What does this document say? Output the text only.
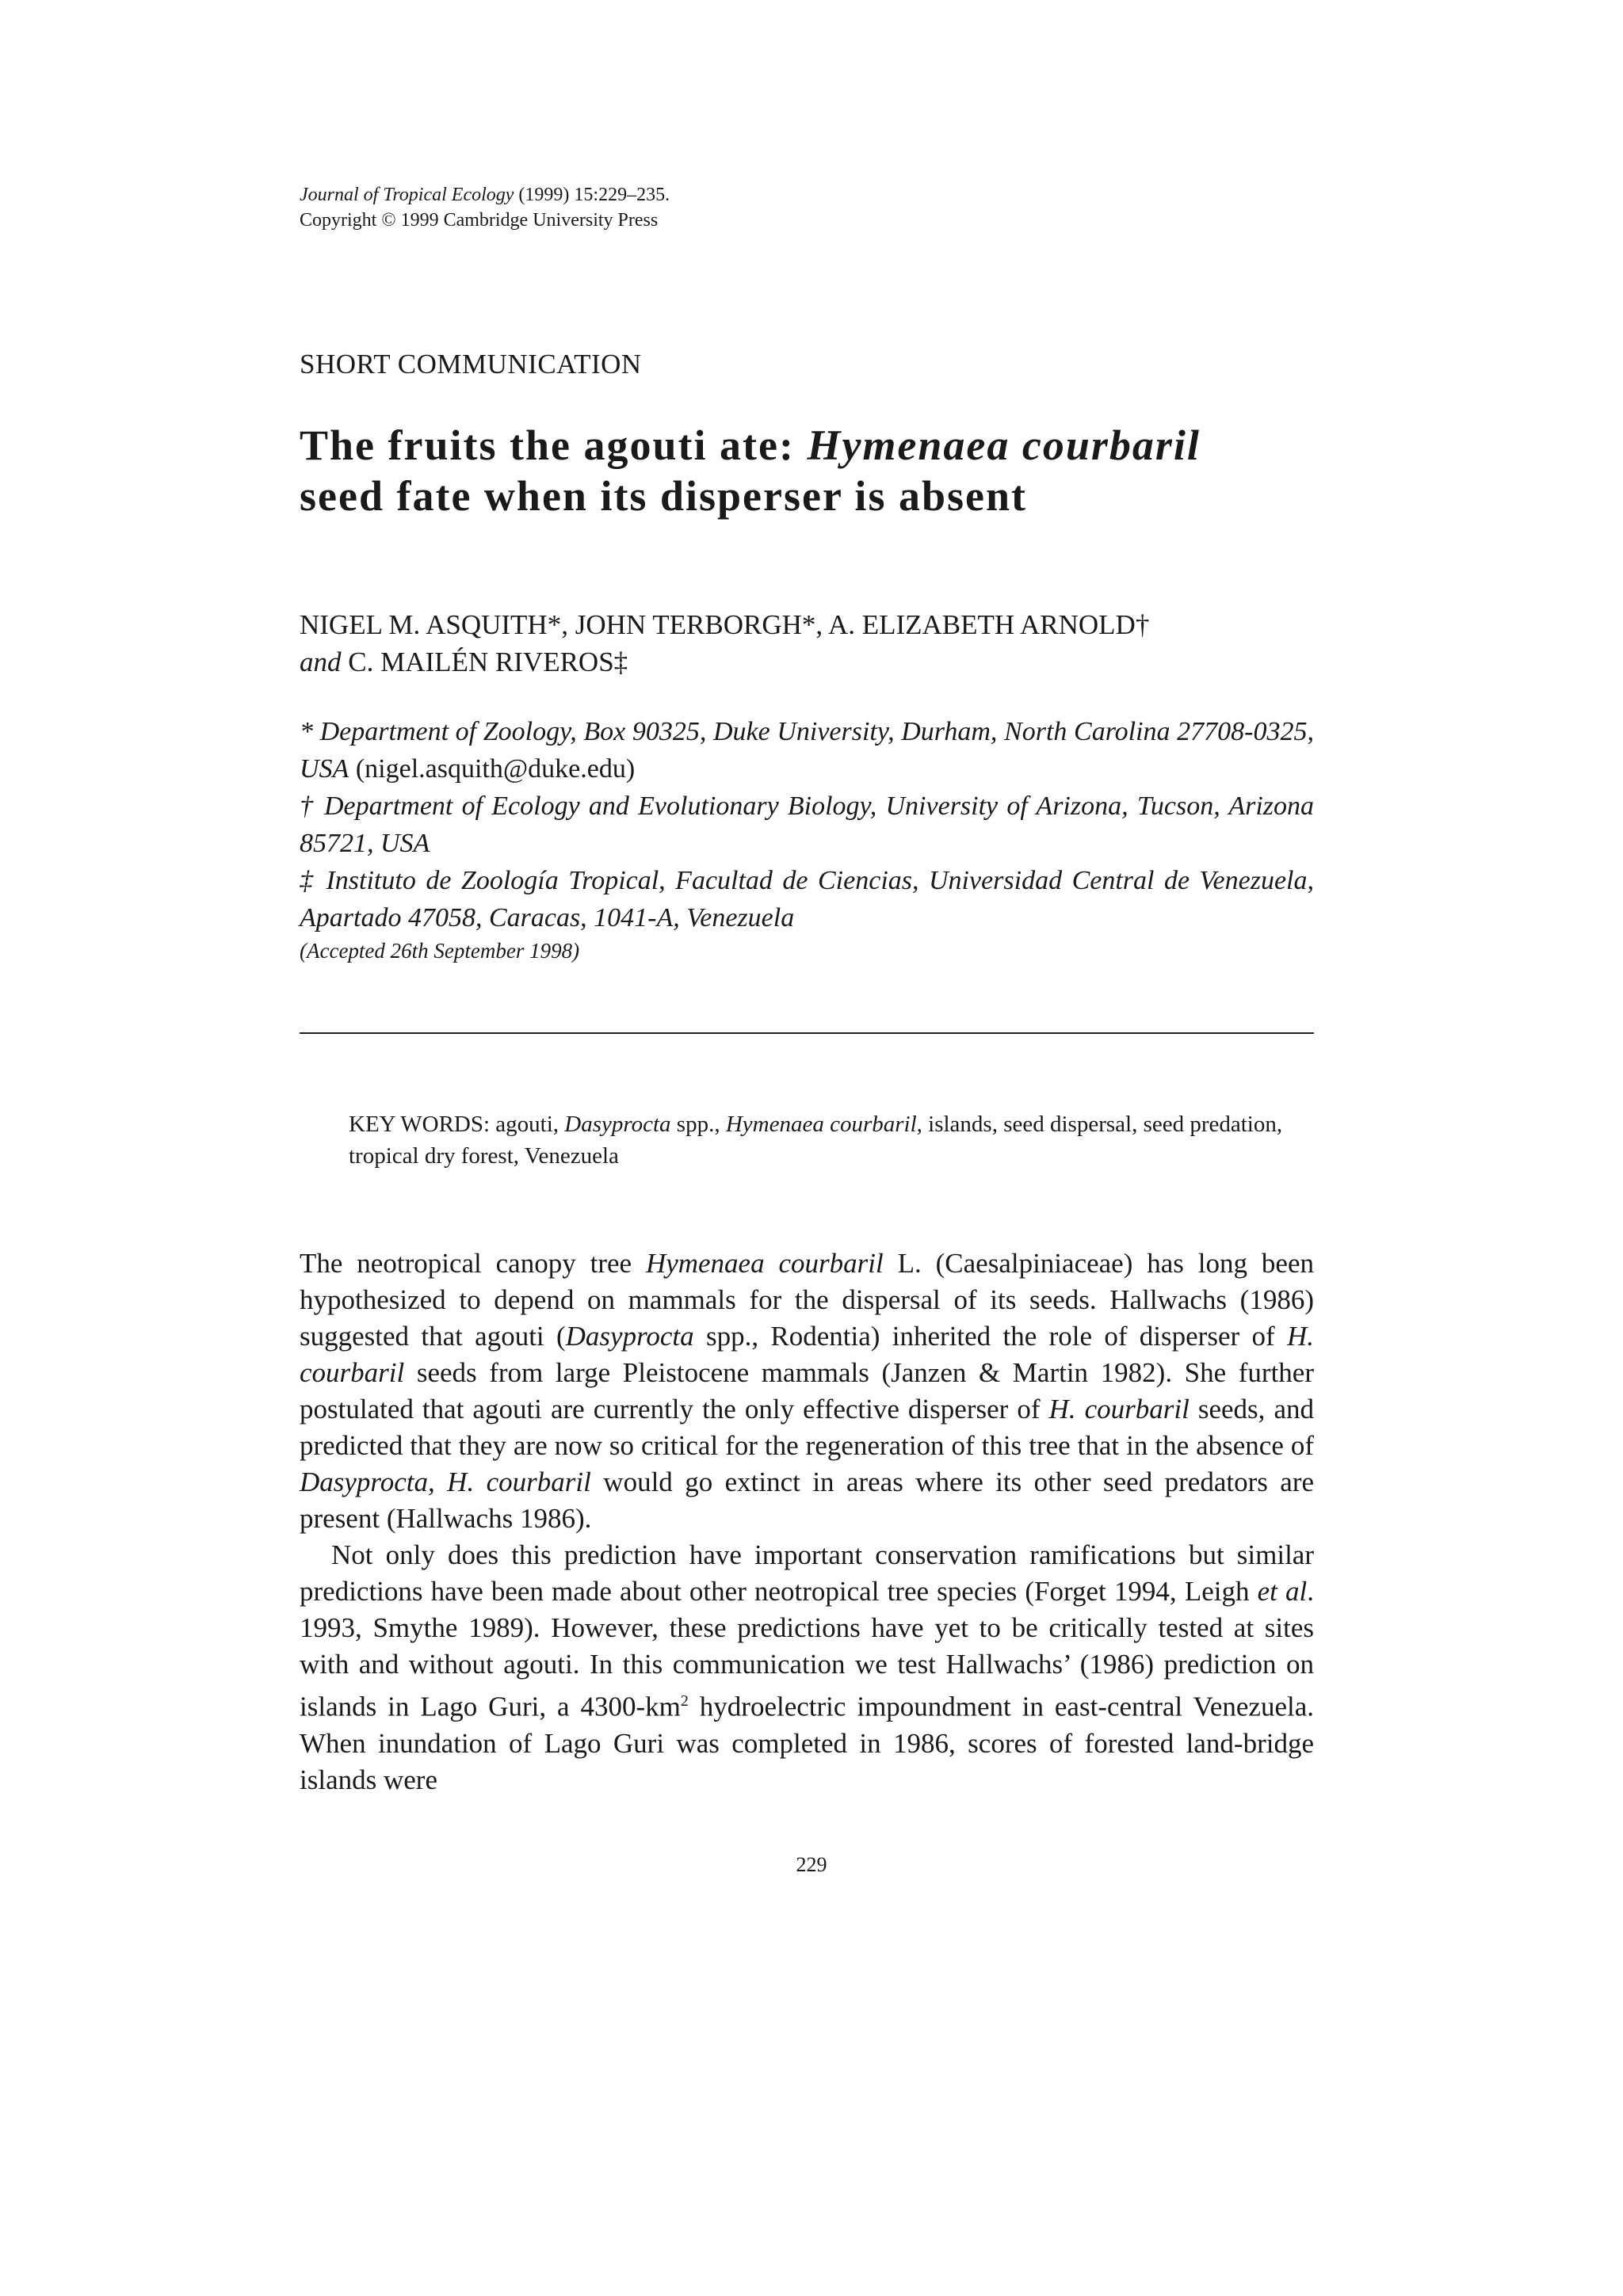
Journal of Tropical Ecology (1999) 15:229–235.
Copyright © 1999 Cambridge University Press
SHORT COMMUNICATION
The fruits the agouti ate: Hymenaea courbaril
seed fate when its disperser is absent
NIGEL M. ASQUITH*, JOHN TERBORGH*, A. ELIZABETH ARNOLD†
and C. MAILÉN RIVEROS‡

* Department of Zoology, Box 90325, Duke University, Durham, North Carolina 27708-0325, USA (nigel.asquith@duke.edu)

† Department of Ecology and Evolutionary Biology, University of Arizona, Tucson, Arizona 85721, USA

‡ Instituto de Zoología Tropical, Facultad de Ciencias, Universidad Central de Venezuela, Apartado 47058, Caracas, 1041-A, Venezuela

(Accepted 26th September 1998)
KEY WORDS: agouti, Dasyprocta spp., Hymenaea courbaril, islands, seed dispersal, seed predation, tropical dry forest, Venezuela

The neotropical canopy tree Hymenaea courbaril L. (Caesalpiniaceae) has long been hypothesized to depend on mammals for the dispersal of its seeds. Hallwachs (1986) suggested that agouti (Dasyprocta spp., Rodentia) inherited the role of disperser of H. courbaril seeds from large Pleistocene mammals (Janzen & Martin 1982). She further postulated that agouti are currently the only effective disperser of H. courbaril seeds, and predicted that they are now so critical for the regeneration of this tree that in the absence of Dasyprocta, H. courbaril would go extinct in areas where its other seed predators are present (Hallwachs 1986).

Not only does this prediction have important conservation ramifications but similar predictions have been made about other neotropical tree species (Forget 1994, Leigh et al. 1993, Smythe 1989). However, these predictions have yet to be critically tested at sites with and without agouti. In this communication we test Hallwachs’ (1986) prediction on islands in Lago Guri, a $4300-km^2$ hydroelectric impoundment in east-central Venezuela. When inundation of Lago Guri was completed in 1986, scores of forested land-bridge islands were

229
